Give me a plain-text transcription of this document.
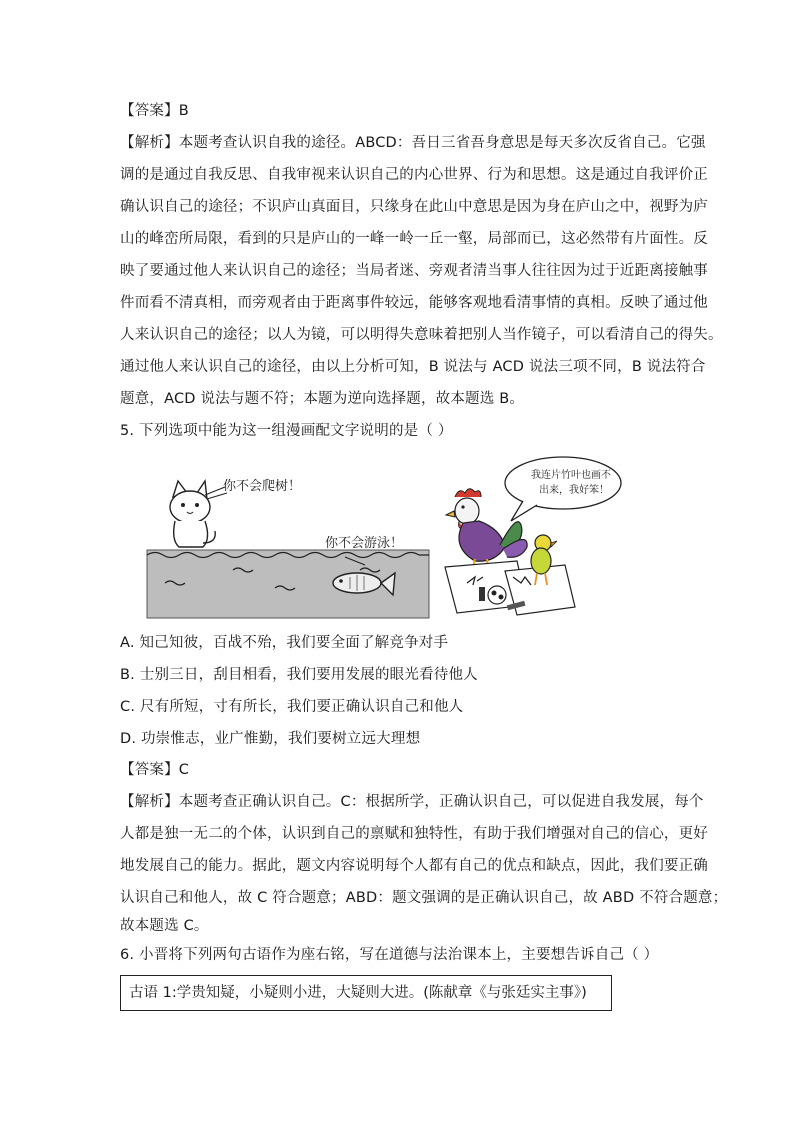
【答案】B
【解析】本题考查认识自我的途径。ABCD：吾日三省吾身意思是每天多次反省自己。它强
调的是通过自我反思、自我审视来认识自己的内心世界、行为和思想。这是通过自我评价正
确认识自己的途径；不识庐山真面目，只缘身在此山中意思是因为身在庐山之中，视野为庐
山的峰峦所局限，看到的只是庐山的一峰一岭一丘一壑，局部而已，这必然带有片面性。反
映了要通过他人来认识自己的途径；当局者迷、旁观者清当事人往往因为过于近距离接触事
件而看不清真相，而旁观者由于距离事件较远，能够客观地看清事情的真相。反映了通过他
人来认识自己的途径；以人为镜，可以明得失意味着把别人当作镜子，可以看清自己的得失。
通过他人来认识自己的途径，由以上分析可知，B 说法与 ACD 说法三项不同，B 说法符合
题意，ACD 说法与题不符；本题为逆向选择题，故本题选 B。
5. 下列选项中能为这一组漫画配文字说明的是（ ）
你不会爬树！
你不会游泳！
我连片竹叶也画不
出来，我好笨！
A. 知己知彼，百战不殆，我们要全面了解竞争对手
B. 士别三日，刮目相看，我们要用发展的眼光看待他人
C. 尺有所短，寸有所长，我们要正确认识自己和他人
D. 功崇惟志，业广惟勤，我们要树立远大理想
【答案】C
【解析】本题考查正确认识自己。C：根据所学，正确认识自己，可以促进自我发展，每个
人都是独一无二的个体，认识到自己的禀赋和独特性，有助于我们增强对自己的信心，更好
地发展自己的能力。据此，题文内容说明每个人都有自己的优点和缺点，因此，我们要正确
认识自己和他人，故 C 符合题意；ABD：题文强调的是正确认识自己，故 ABD 不符合题意；
故本题选 C。
6. 小晋将下列两句古语作为座右铭，写在道德与法治课本上，主要想告诉自己（ ）
古语 1:学贵知疑，小疑则小进，大疑则大进。(陈献章《与张廷实主事》)
